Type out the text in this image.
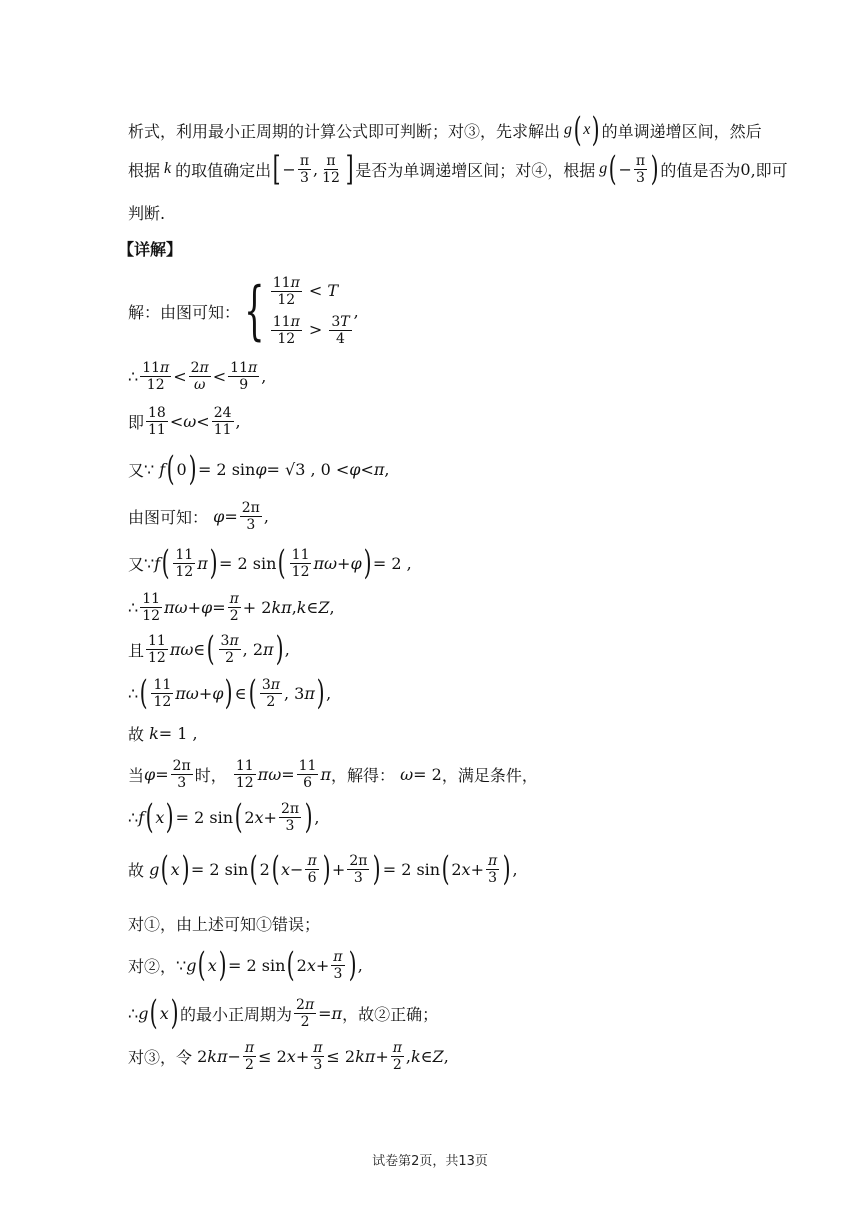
析式，利用最小正周期的计算公式即可判断；对③，先求解出 g ( x ) 的单调递增区间，然后
根据 k 的取值确定出 [ − $\frac{\pi}{3}$ , $\frac{\pi}{12}$ ] 是否为单调递增区间；对④，根据 g ( − $\frac{\pi}{3}$ ) 的值是否为 0 ,即可
判断.
【详解】
解：由图可知： { $\frac{11\pi}{12} < T$
$\frac{11\pi}{12} > \frac{3T}{4}$
,
∴ $\frac{11\pi}{12} < \frac{2\pi}{\omega} < \frac{11\pi}{9}$ ,
即 $\frac{18}{11} < \omega < \frac{24}{11}$ ,
又 ∵ f ( 0 ) = 2 sin φ = √3 ,
0 < φ < π ,
由图可知：
$\varphi = \frac{2\pi}{3}$ ,
又 ∵ f ( $\frac{11}{12}$ π ) = 2 sin ( $\frac{11}{12}$ πω + φ ) = 2 ,
∴ $\frac{11}{12}$ $\pi\omega + \varphi = \frac{\pi}{2} + 2$ kπ , k ∈ Z ,
且 $\frac{11}{12}$ πω ∈ ( $\frac{3\pi}{2}$ , 2 π ) ,
∴ ( $\frac{11}{12}$ πω + φ ) ∈ ( $\frac{3\pi}{2}$ , 3 π ) ,
故 k = 1 ,
当 $\varphi = \frac{2\pi}{3}$ 时，
$\frac{11}{12}$ $\pi\omega = \frac{11}{6}$ π ，解得：
ω = 2 ，满足条件，
∴ f ( x ) = 2 sin ( 2 $x + \frac{2\pi}{3}$ ) ,
故 g ( x ) = 2 sin ( 2 ( $x - \frac{\pi}{6}$ ) + $\frac{2\pi}{3}$ ) = 2 sin ( 2 $x + \frac{\pi}{3}$ ) ,
对①，由上述可知①错误；
对②， ∵ g ( x ) = 2 sin ( 2 $x + \frac{\pi}{3}$ ) ,
∴ g ( x ) 的最小正周期为 $\frac{2\pi}{2} = \pi$ ，故②正确；
对③，令 2 $k\pi - \frac{\pi}{2} \le 2$ $x + \frac{\pi}{3} \le 2$ $k\pi + \frac{\pi}{2}$ , k ∈ Z ,
试卷第2页，共13页
